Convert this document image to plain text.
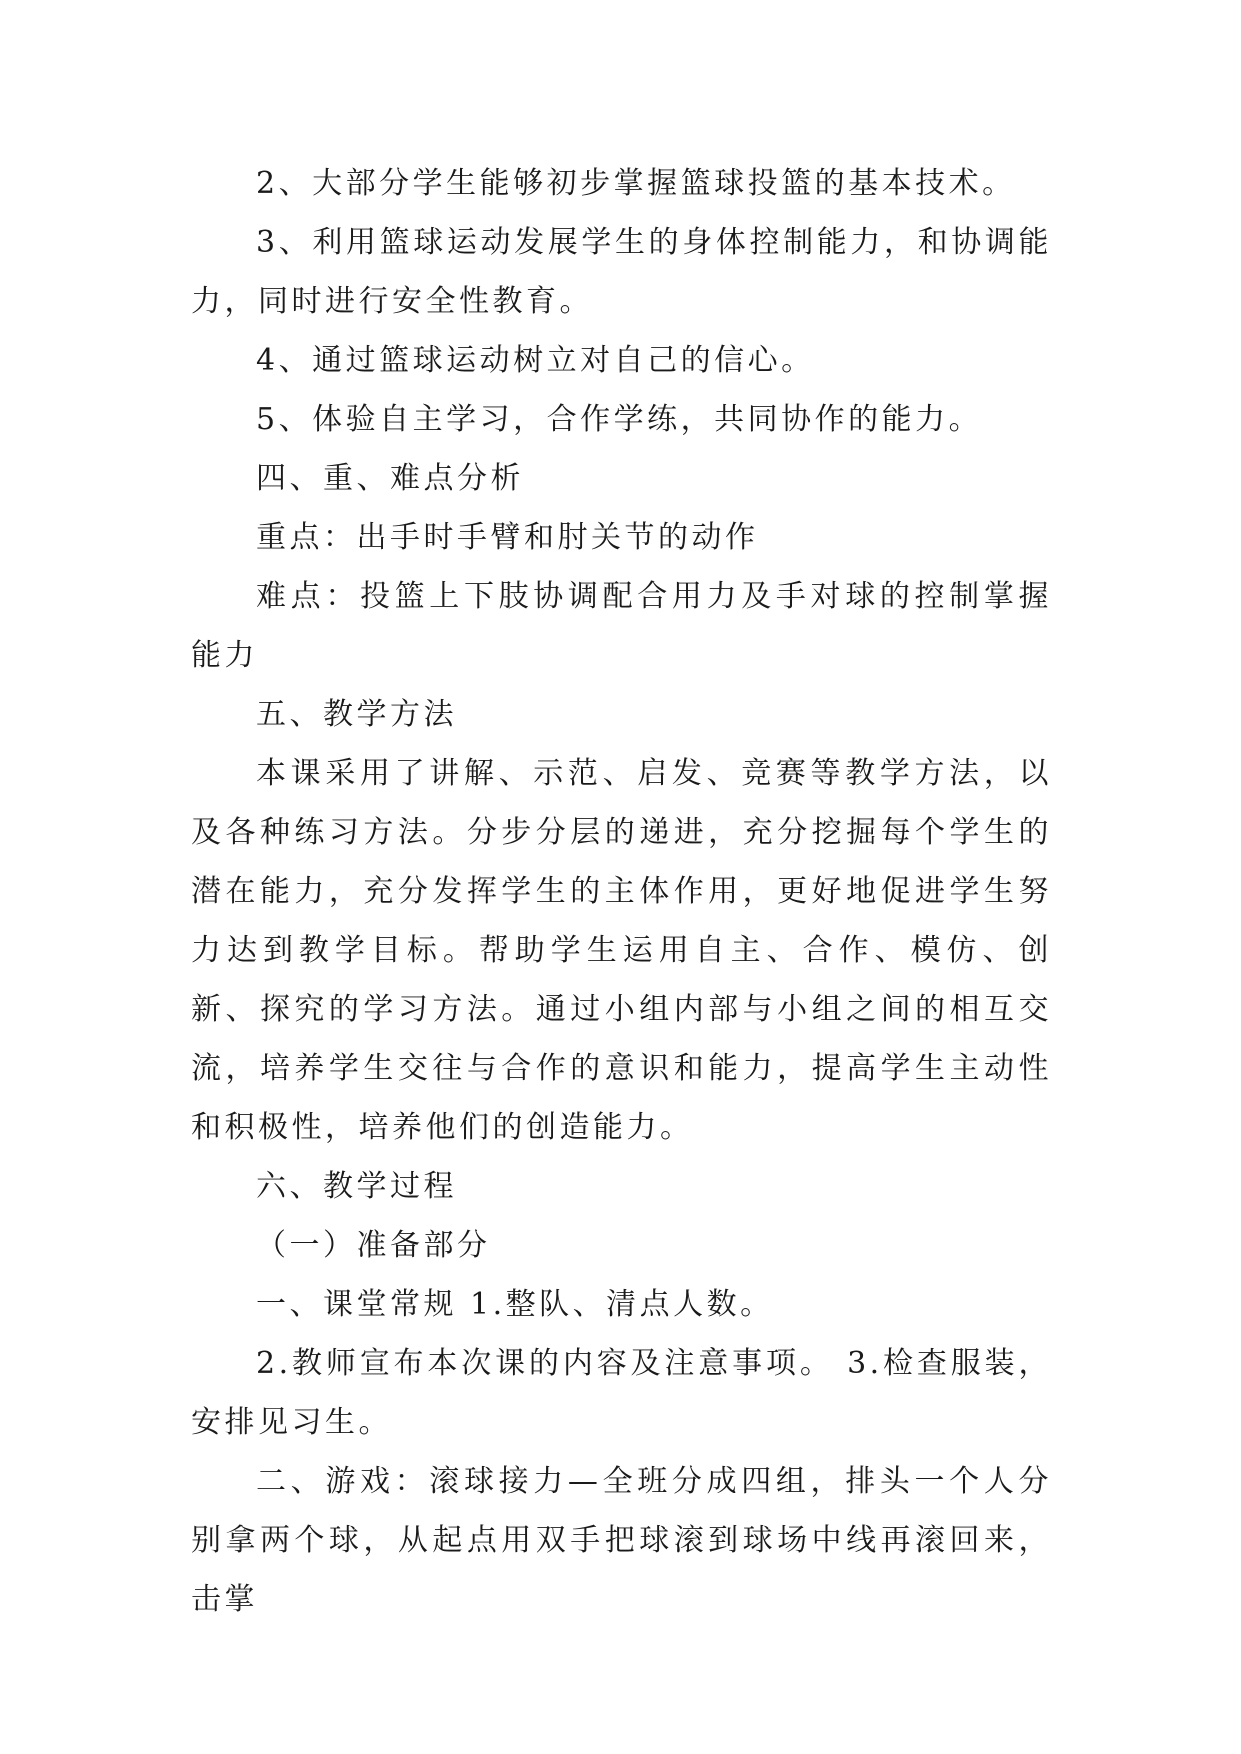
2、大部分学生能够初步掌握篮球投篮的基本技术。

3、利用篮球运动发展学生的身体控制能力，和协调能力，同时进行安全性教育。

4、通过篮球运动树立对自己的信心。

5、体验自主学习，合作学练，共同协作的能力。

四、重、难点分析

重点：出手时手臂和肘关节的动作

难点：投篮上下肢协调配合用力及手对球的控制掌握能力

五、教学方法

本课采用了讲解、示范、启发、竞赛等教学方法，以及各种练习方法。分步分层的递进，充分挖掘每个学生的潜在能力，充分发挥学生的主体作用，更好地促进学生努力达到教学目标。帮助学生运用自主、合作、模仿、创新、探究的学习方法。通过小组内部与小组之间的相互交流，培养学生交往与合作的意识和能力，提高学生主动性和积极性，培养他们的创造能力。

六、教学过程

（一）准备部分

一、课堂常规 1.整队、清点人数。

2.教师宣布本次课的内容及注意事项。 3.检查服装，安排见习生。

二、游戏：滚球接力—全班分成四组，排头一个人分别拿两个球，从起点用双手把球滚到球场中线再滚回来，击掌
